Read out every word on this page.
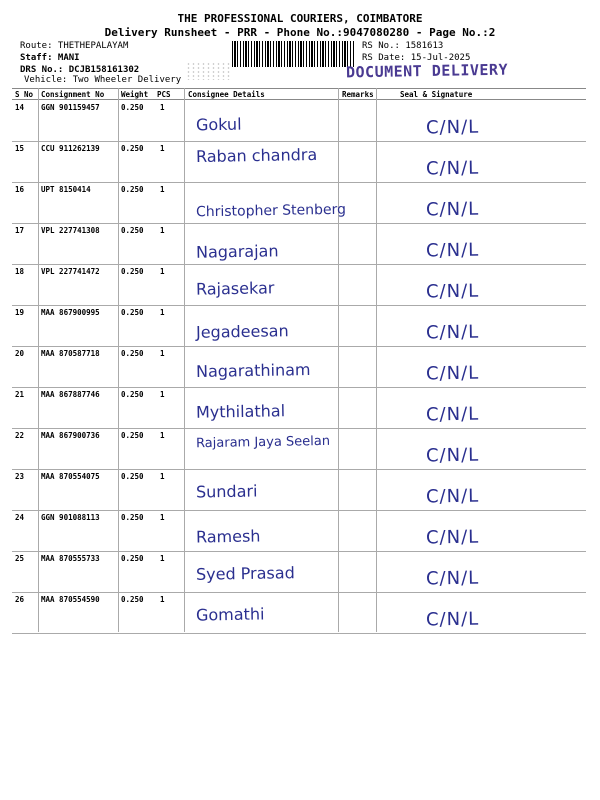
THE PROFESSIONAL COURIERS, COIMBATORE
Delivery Runsheet - PRR - Phone No.:9047080280 - Page No.:2
Route: THETHEPALAYAM
Staff: MANI
DRS No.: DCJB158161302
Vehicle: Two Wheeler Delivery
RS No.: 1581613
RS Date: 15-Jul-2025
DOCUMENT DELIVERY
S No Consignment No Weight PCS Consignee Details	Remarks	Seal & Signature
14 GGN 901159457	0.250 1
Gokul	C/N/L
15 CCU 911262139	0.250 1 Raban chandra
C/N/L
16 UPT 8150414	0.250 1
Christopher Stenberg	C/N/L
17 VPL 227741308	0.250 1
Nagarajan	C/N/L
18 VPL 227741472	0.250 1
Rajasekar	C/N/L
19 MAA 867900995	0.250 1
Jegadeesan	C/N/L
20 MAA 870587718	0.250 1
Nagarathinam	C/N/L
21 MAA 867887746	0.250 1
Mythilathal	C/N/L
22 MAA 867900736	0.250 1 Rajaram Jaya Seelan
C/N/L
23 MAA 870554075	0.250 1
Sundari	C/N/L
24 GGN 901088113	0.250 1
Ramesh	C/N/L
25 MAA 870555733	0.250 1
Syed Prasad	C/N/L
26 MAA 870554590	0.250 1
Gomathi	C/N/L
